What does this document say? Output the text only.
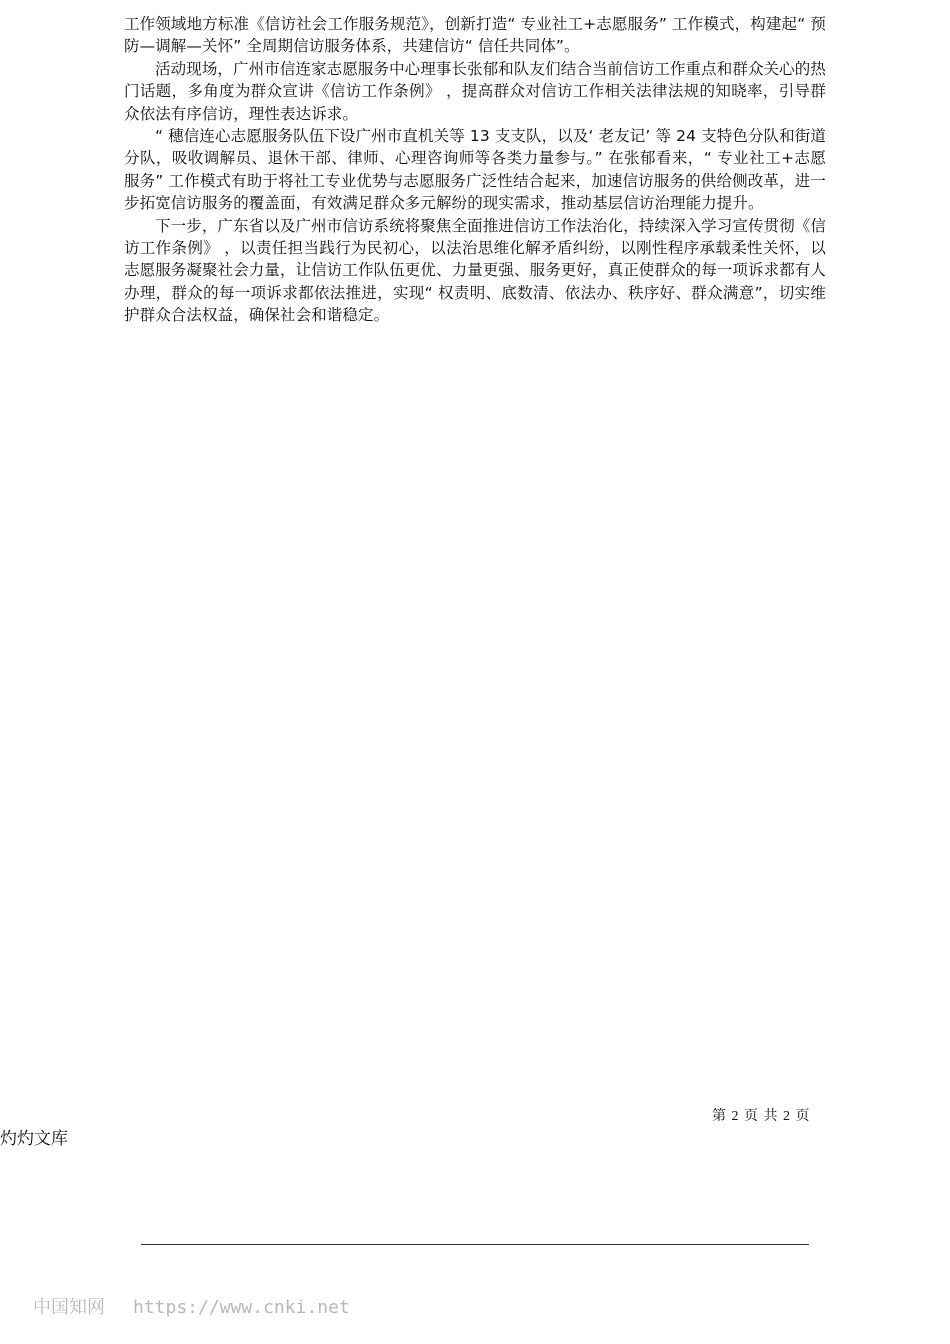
工作领域地方标准《信访社会工作服务规范》，创新打造“ 专业社工+志愿服务” 工作模式，构建起“ 预防—调解—关怀” 全周期信访服务体系，共建信访“ 信任共同体”。

活动现场，广州市信连家志愿服务中心理事长张郁和队友们结合当前信访工作重点和群众关心的热门话题，多角度为群众宣讲《信访工作条例》 ，提高群众对信访工作相关法律法规的知晓率，引导群众依法有序信访，理性表达诉求。

“ 穗信连心志愿服务队伍下设广州市直机关等 13 支支队，以及‘ 老友记’ 等 24 支特色分队和街道分队，吸收调解员、退休干部、律师、心理咨询师等各类力量参与。” 在张郁看来，“ 专业社工+志愿服务” 工作模式有助于将社工专业优势与志愿服务广泛性结合起来，加速信访服务的供给侧改革，进一步拓宽信访服务的覆盖面，有效满足群众多元解纷的现实需求，推动基层信访治理能力提升。

下一步，广东省以及广州市信访系统将聚焦全面推进信访工作法治化，持续深入学习宣传贯彻《信访工作条例》 ，以责任担当践行为民初心，以法治思维化解矛盾纠纷，以刚性程序承载柔性关怀，以志愿服务凝聚社会力量，让信访工作队伍更优、力量更强、服务更好，真正使群众的每一项诉求都有人办理，群众的每一项诉求都依法推进，实现“ 权责明、底数清、依法办、秩序好、群众满意”，切实维护群众合法权益，确保社会和谐稳定。

第 2 页 共 2 页
灼灼文库
中国知网 https://www.cnki.net
